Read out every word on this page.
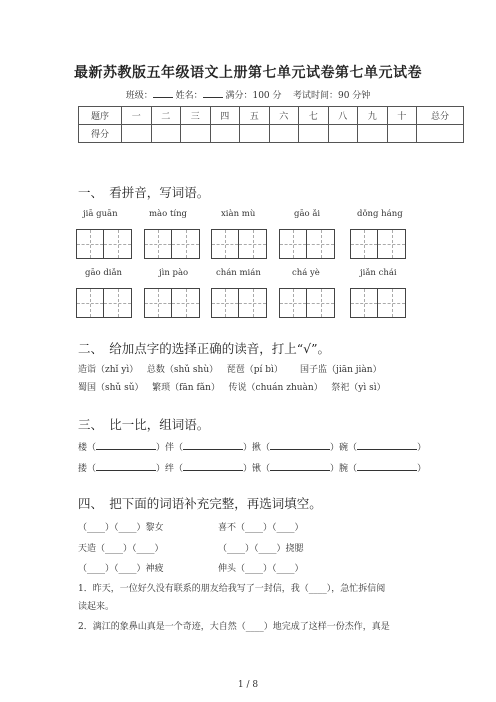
最新苏教版五年级语文上册第七单元试卷第七单元试卷
班级：	姓名：	满分：100 分 考试时间：90 分钟
题序	一	二	三	四	五	六	七	八	九	十	总分
得分											
一、　看拼音，写词语。
jiā guān	mào tíng	xiàn mù	gāo ǎi	dǒng háng
gāo diǎn	jìn pào	chán mián	chá yè	jiǎn chái
二、　给加点字的选择正确的读音，打上“√”。
造诣（zhǐ yì） 总数（shǔ shù） 琵琶（pí bì） 国子监（jiān jiàn）
蜀国（shǔ sǔ） 繁琐（fān fǎn） 传说（chuán zhuàn） 祭祀（yì sì）
三、　比一比，组词语。
楼（	）伴（	）揪（	）碗（	）
搂（	）绊（	）锹（	）腕（	）
四、　把下面的词语补充完整，再选词填空。
（____）（____）黎女	喜不（____）（____）
天造（____）（____）	（____）（____）挠腮
（____）（____）神疲	伸头（____）（____）
1．昨天，一位好久没有联系的朋友给我写了一封信，我（____），急忙拆信阅
读起来。
2．漓江的象鼻山真是一个奇迹，大自然（____）地完成了这样一份杰作，真是
1 / 8
